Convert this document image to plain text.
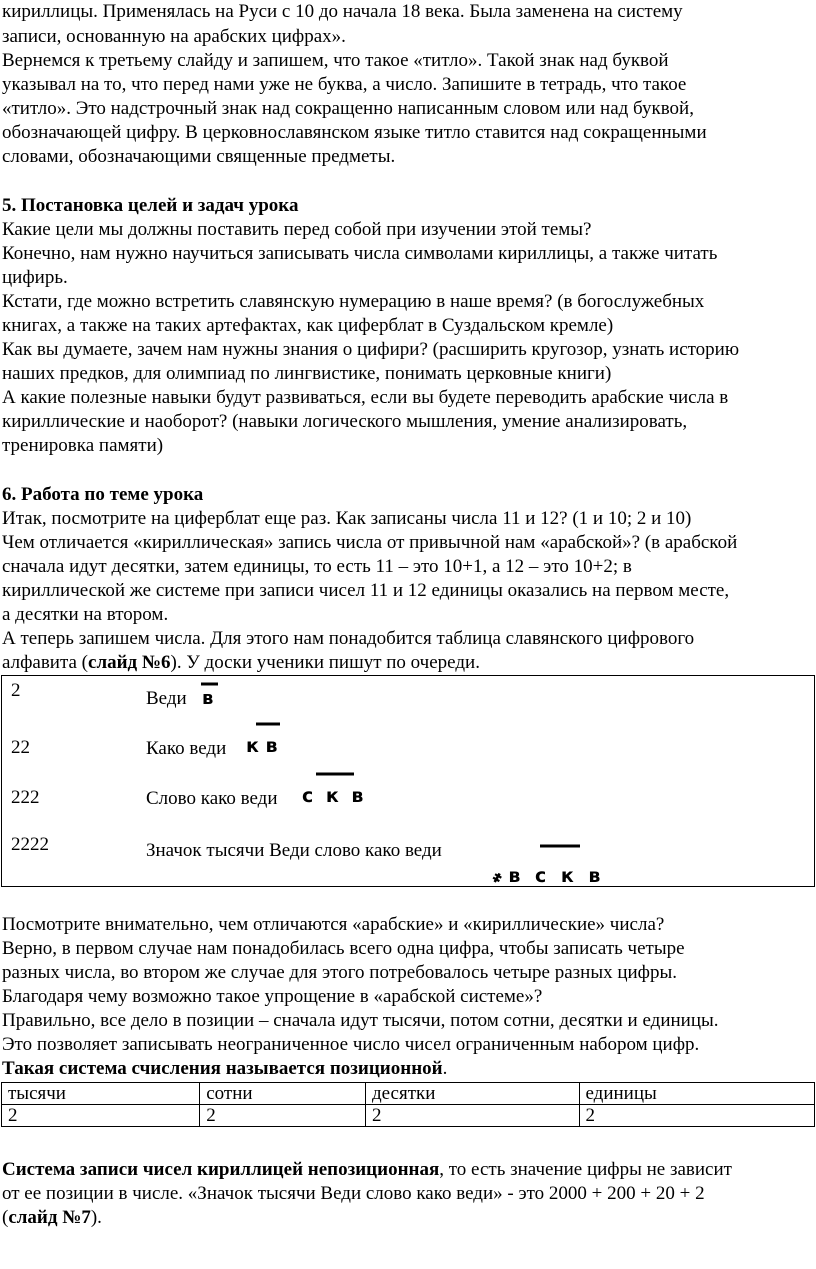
кириллицы. Применялась на Руси с 10 до начала 18 века. Была заменена на систему
записи, основанную на арабских цифрах».
Вернемся к третьему слайду и запишем, что такое «титло». Такой знак над буквой
указывал на то, что перед нами уже не буква, а число. Запишите в тетрадь, что такое
«титло». Это надстрочный знак над сокращенно написанным словом или над буквой,
обозначающей цифру. В церковнославянском языке титло ставится над сокращенными
словами, обозначающими священные предметы.
5. Постановка целей и задач урока
Какие цели мы должны поставить перед собой при изучении этой темы?
Конечно, нам нужно научиться записывать числа символами кириллицы, а также читать
цифирь.
Кстати, где можно встретить славянскую нумерацию в наше время? (в богослужебных
книгах, а также на таких артефактах, как циферблат в Суздальском кремле)
Как вы думаете, зачем нам нужны знания о цифири? (расширить кругозор, узнать историю
наших предков, для олимпиад по лингвистике, понимать церковные книги)
А какие полезные навыки будут развиваться, если вы будете переводить арабские числа в
кириллические и наоборот? (навыки логического мышления, умение анализировать,
тренировка памяти)
6. Работа по теме урока
Итак, посмотрите на циферблат еще раз. Как записаны числа 11 и 12? (1 и 10; 2 и 10)
Чем отличается «кириллическая» запись числа от привычной нам «арабской»? (в арабской
сначала идут десятки, затем единицы, то есть 11 – это 10+1, а 12 – это 10+2; в
кириллической же системе при записи чисел 11 и 12 единицы оказались на первом месте,
а десятки на втором.
А теперь запишем числа. Для этого нам понадобится таблица славянского цифрового
алфавита (слайд №6). У доски ученики пишут по очереди.
2	Веди в
22	Како веди к в
222	Слово како веди с к в
2222	Значок тысячи Веди слово како веди
҂в с к в
Посмотрите внимательно, чем отличаются «арабские» и «кириллические» числа?
Верно, в первом случае нам понадобилась всего одна цифра, чтобы записать четыре
разных числа, во втором же случае для этого потребовалось четыре разных цифры.
Благодаря чему возможно такое упрощение в «арабской системе»?
Правильно, все дело в позиции – сначала идут тысячи, потом сотни, десятки и единицы.
Это позволяет записывать неограниченное число чисел ограниченным набором цифр.
Такая система счисления называется позиционной.
тысячи	сотни	десятки	единицы
2	2	2	2
Система записи чисел кириллицей непозиционная, то есть значение цифры не зависит
от ее позиции в числе. «Значок тысячи Веди слово како веди» - это 2000 + 200 + 20 + 2
(слайд №7).
